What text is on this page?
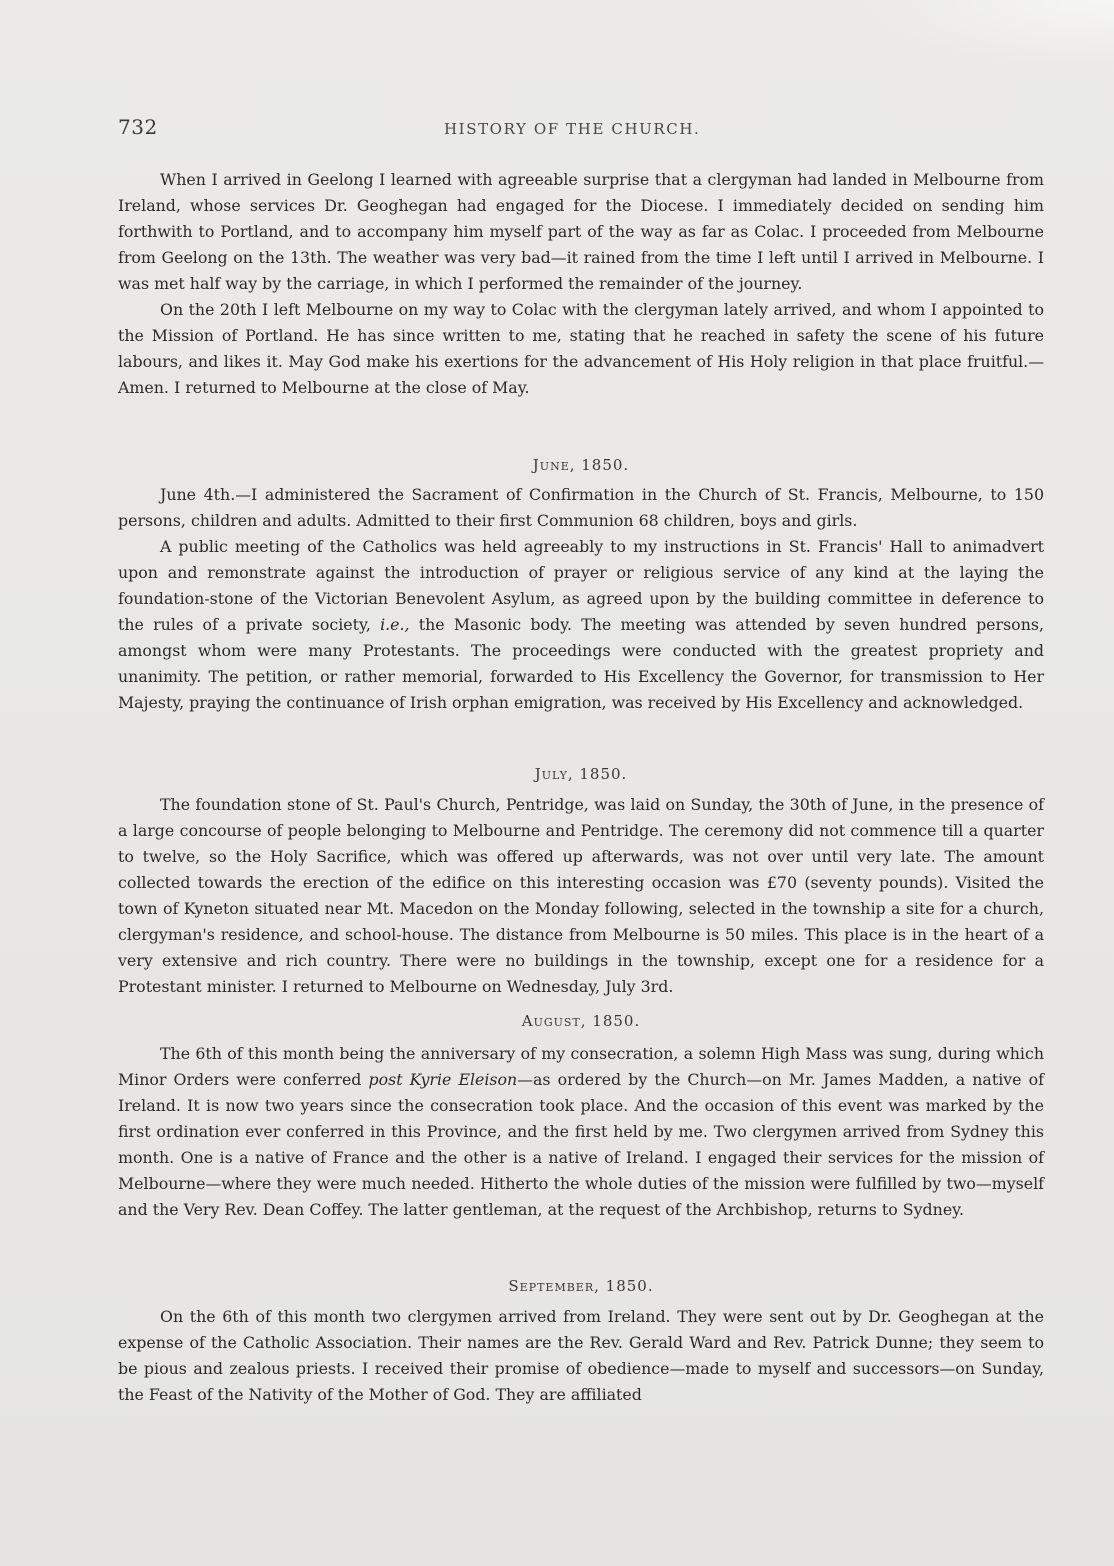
732	HISTORY OF THE CHURCH.

When I arrived in Geelong I learned with agreeable surprise that a clergyman had landed in Melbourne from Ireland, whose services Dr. Geoghegan had engaged for the Diocese. I immediately decided on sending him forthwith to Portland, and to accompany him myself part of the way as far as Colac. I proceeded from Melbourne from Geelong on the 13th. The weather was very bad—it rained from the time I left until I arrived in Melbourne. I was met half way by the carriage, in which I performed the remainder of the journey.

On the 20th I left Melbourne on my way to Colac with the clergyman lately arrived, and whom I appointed to the Mission of Portland. He has since written to me, stating that he reached in safety the scene of his future labours, and likes it. May God make his exertions for the advancement of His Holy religion in that place fruitful.—Amen. I returned to Melbourne at the close of May.

June, 1850.

June 4th.—I administered the Sacrament of Confirmation in the Church of St. Francis, Melbourne, to 150 persons, children and adults. Admitted to their first Communion 68 children, boys and girls.

A public meeting of the Catholics was held agreeably to my instructions in St. Francis' Hall to animadvert upon and remonstrate against the introduction of prayer or religious service of any kind at the laying the foundation-stone of the Victorian Benevolent Asylum, as agreed upon by the building committee in deference to the rules of a private society, i.e., the Masonic body. The meeting was attended by seven hundred persons, amongst whom were many Protestants. The proceedings were conducted with the greatest propriety and unanimity. The petition, or rather memorial, forwarded to His Excellency the Governor, for transmission to Her Majesty, praying the continuance of Irish orphan emigration, was received by His Excellency and acknowledged.

July, 1850.

The foundation stone of St. Paul's Church, Pentridge, was laid on Sunday, the 30th of June, in the presence of a large concourse of people belonging to Melbourne and Pentridge. The ceremony did not commence till a quarter to twelve, so the Holy Sacrifice, which was offered up afterwards, was not over until very late. The amount collected towards the erection of the edifice on this interesting occasion was £70 (seventy pounds). Visited the town of Kyneton situated near Mt. Macedon on the Monday following, selected in the township a site for a church, clergyman's residence, and school-house. The distance from Melbourne is 50 miles. This place is in the heart of a very extensive and rich country. There were no buildings in the township, except one for a residence for a Protestant minister. I returned to Melbourne on Wednesday, July 3rd.

August, 1850.

The 6th of this month being the anniversary of my consecration, a solemn High Mass was sung, during which Minor Orders were conferred post Kyrie Eleison—as ordered by the Church—on Mr. James Madden, a native of Ireland. It is now two years since the consecration took place. And the occasion of this event was marked by the first ordination ever conferred in this Province, and the first held by me. Two clergymen arrived from Sydney this month. One is a native of France and the other is a native of Ireland. I engaged their services for the mission of Melbourne—where they were much needed. Hitherto the whole duties of the mission were fulfilled by two—myself and the Very Rev. Dean Coffey. The latter gentleman, at the request of the Archbishop, returns to Sydney.

September, 1850.

On the 6th of this month two clergymen arrived from Ireland. They were sent out by Dr. Geoghegan at the expense of the Catholic Association. Their names are the Rev. Gerald Ward and Rev. Patrick Dunne; they seem to be pious and zealous priests. I received their promise of obedience—made to myself and successors—on Sunday, the Feast of the Nativity of the Mother of God. They are affiliated
